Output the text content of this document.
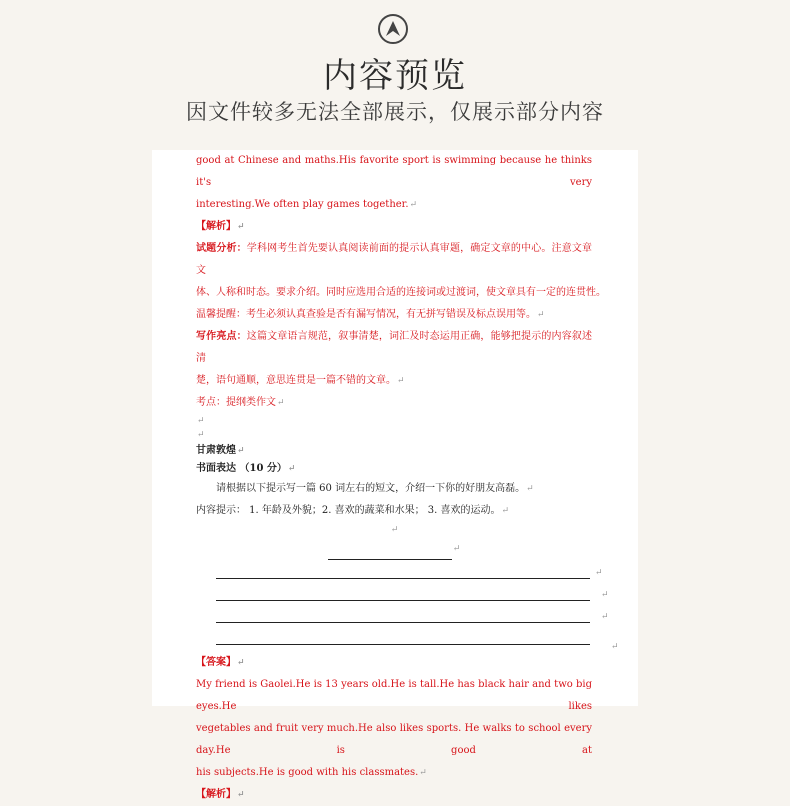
内容预览
因文件较多无法全部展示，仅展示部分内容

good at Chinese and maths.His favorite sport is swimming because he thinks it's very

interesting.We often play games together.↵

【解析】↵

试题分析：学科网考生首先要认真阅读前面的提示认真审题，确定文章的中心。注意文章文

体、人称和时态。要求介绍。同时应选用合适的连接词或过渡词，使文章具有一定的连贯性。

温馨提醒：考生必须认真查验是否有漏写情况，有无拼写错误及标点误用等。↵

写作亮点：这篇文章语言规范，叙事清楚，词汇及时态运用正确，能够把提示的内容叙述清

楚，语句通顺，意思连贯是一篇不错的文章。↵

考点：提纲类作文↵

↵

↵

甘肃敦煌↵

书面表达 （10 分）↵

请根据以下提示写一篇 60 词左右的短文，介绍一下你的好朋友高磊。↵

内容提示： 1. 年龄及外貌；2. 喜欢的蔬菜和水果； 3. 喜欢的运动。↵

↵

↵

↵
↵
↵
↵

【答案】↵

My friend is Gaolei.He is 13 years old.He is tall.He has black hair and two big eyes.He likes

vegetables and fruit very much.He also likes sports. He walks to school every day.He is good at

his subjects.He is good with his classmates.↵

【解析】↵
